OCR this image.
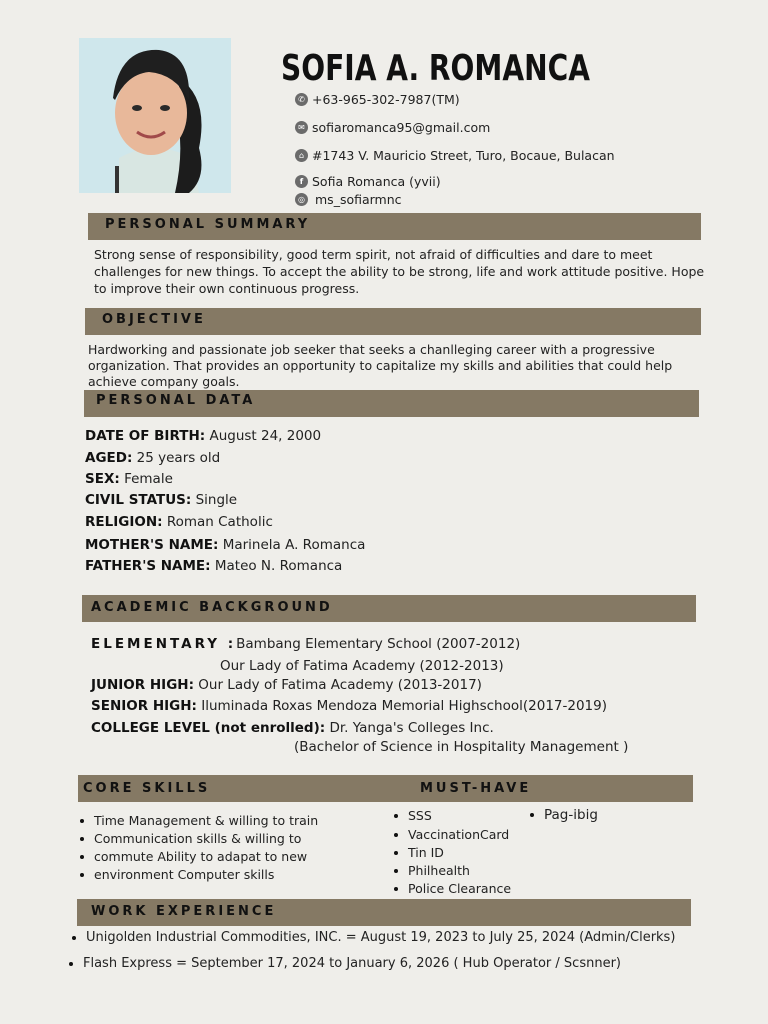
SOFIA A. ROMANCA
✆ +63-965-302-7987(TM)
✉ sofiaromanca95@gmail.com
⌂ #1743 V. Mauricio Street, Turo, Bocaue, Bulacan
f Sofia Romanca (yvii)
◎ ms_sofiarmnc
PERSONAL SUMMARY
Strong sense of responsibility, good term spirit, not afraid of difficulties and dare to meet challenges for new things. To accept the ability to be strong, life and work attitude positive. Hope to improve their own continuous progress.
OBJECTIVE
Hardworking and passionate job seeker that seeks a chanlleging career with a progressive organization. That provides an opportunity to capitalize my skills and abilities that could help achieve company goals.
PERSONAL DATA
DATE OF BIRTH: August 24, 2000
AGED: 25 years old
SEX: Female
CIVIL STATUS: Single
RELIGION: Roman Catholic
MOTHER'S NAME: Marinela A. Romanca
FATHER'S NAME: Mateo N. Romanca
ACADEMIC BACKGROUND
ELEMENTARY :Bambang Elementary School (2007-2012)
Our Lady of Fatima Academy (2012-2013)
JUNIOR HIGH: Our Lady of Fatima Academy (2013-2017)
SENIOR HIGH: Iluminada Roxas Mendoza Memorial Highschool(2017-2019)
COLLEGE LEVEL (not enrolled): Dr. Yanga's Colleges Inc.
(Bachelor of Science in Hospitality Management )
CORE SKILLS	MUST-HAVE
Time Management & willing to train
Communication skills & willing to
commute Ability to adapat to new
environment Computer skills
SSS
VaccinationCard
Tin ID
Philhealth
Police Clearance
Pag-ibig
WORK EXPERIENCE
Unigolden Industrial Commodities, INC. = August 19, 2023 to July 25, 2024 (Admin/Clerks)
Flash Express = September 17, 2024 to January 6, 2026 ( Hub Operator / Scsnner)
